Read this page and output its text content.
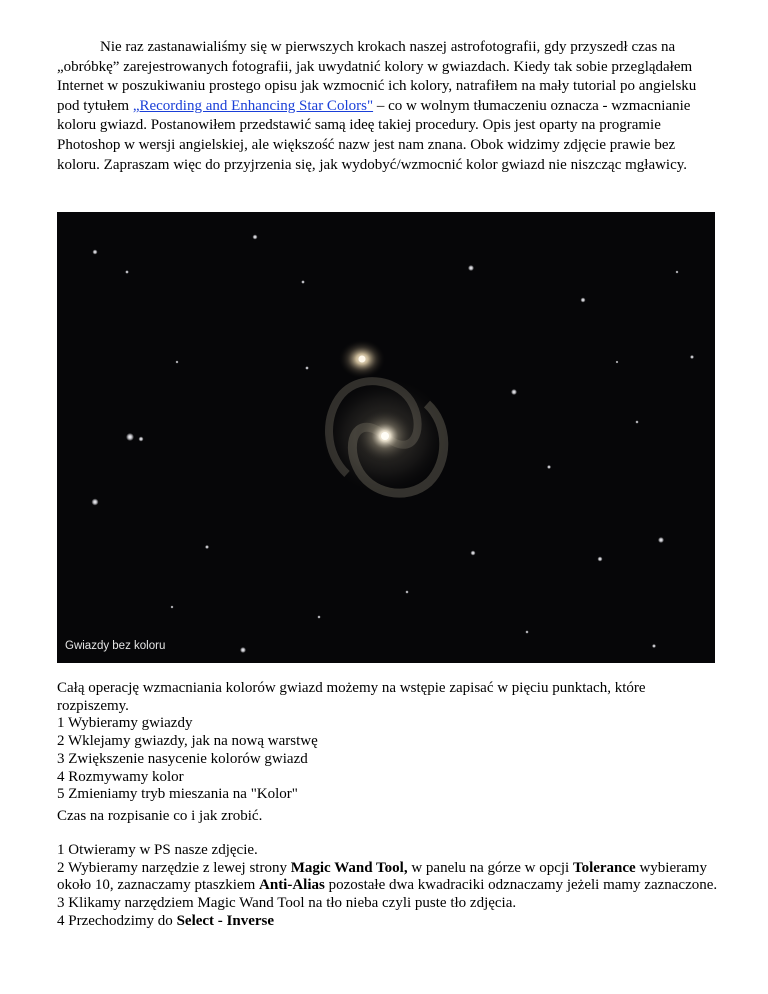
Nie raz zastanawialiśmy się w pierwszych krokach naszej astrofotografii, gdy przyszedł czas na „obróbkę” zarejestrowanych fotografii, jak uwydatnić kolory w gwiazdach. Kiedy tak sobie przeglądałem Internet w poszukiwaniu prostego opisu jak wzmocnić ich kolory, natrafiłem na mały tutorial po angielsku pod tytułem „Recording and Enhancing Star Colors" – co w wolnym tłumaczeniu oznacza - wzmacnianie koloru gwiazd. Postanowiłem przedstawić samą ideę takiej procedury. Opis jest oparty na programie Photoshop w wersji angielskiej, ale większość nazw jest nam znana. Obok widzimy zdjęcie prawie bez koloru. Zapraszam więc do przyjrzenia się, jak wydobyć/wzmocnić kolor gwiazd nie niszcząc mgławicy.

Gwiazdy bez koloru
Całą operację wzmacniania kolorów gwiazd możemy na wstępie zapisać w pięciu punktach, które rozpiszemy.
1 Wybieramy gwiazdy
2 Wklejamy gwiazdy, jak na nową warstwę
3 Zwiększenie nasycenie kolorów gwiazd
4 Rozmywamy kolor
5 Zmieniamy tryb mieszania na "Kolor"
Czas na rozpisanie co i jak zrobić.
1 Otwieramy w PS nasze zdjęcie.
2 Wybieramy narzędzie z lewej strony Magic Wand Tool, w panelu na górze w opcji Tolerance wybieramy około 10, zaznaczamy ptaszkiem Anti-Alias pozostałe dwa kwadraciki odznaczamy jeżeli mamy zaznaczone.
3 Klikamy narzędziem Magic Wand Tool na tło nieba czyli puste tło zdjęcia.
4 Przechodzimy do Select - Inverse
